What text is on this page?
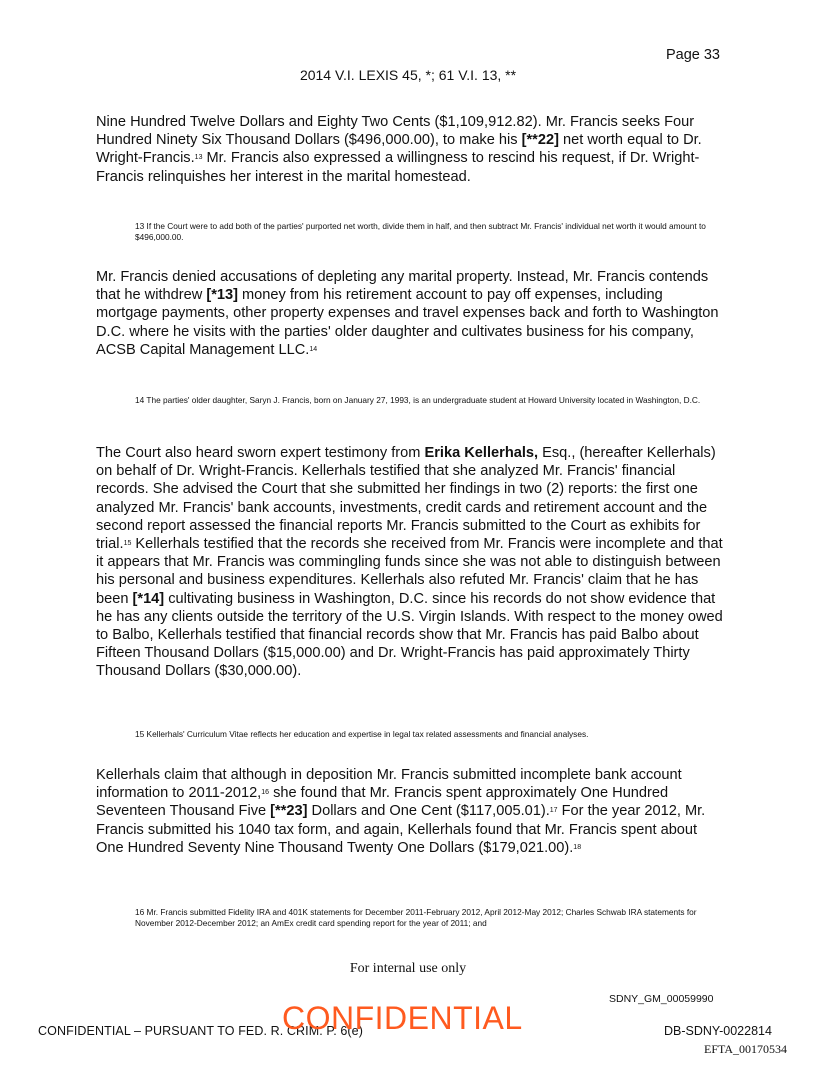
Page 33
2014 V.I. LEXIS 45, *; 61 V.I. 13, **

Nine Hundred Twelve Dollars and Eighty Two Cents ($1,109,912.82). Mr. Francis seeks Four Hundred Ninety Six Thousand Dollars ($496,000.00), to make his [**22] net worth equal to Dr. Wright-Francis.$^{13}$ Mr. Francis also expressed a willingness to rescind his request, if Dr. Wright-Francis relinquishes her interest in the marital homestead.

13 If the Court were to add both of the parties' purported net worth, divide them in half, and then subtract Mr. Francis' individual net worth it would amount to $496,000.00.

Mr. Francis denied accusations of depleting any marital property. Instead, Mr. Francis contends that he withdrew [*13] money from his retirement account to pay off expenses, including mortgage payments, other property expenses and travel expenses back and forth to Washington D.C. where he visits with the parties' older daughter and cultivates business for his company, ACSB Capital Management LLC.$^{14}$

14 The parties' older daughter, Saryn J. Francis, born on January 27, 1993, is an undergraduate student at Howard University located in Washington, D.C.

The Court also heard sworn expert testimony from Erika Kellerhals, Esq., (hereafter Kellerhals) on behalf of Dr. Wright-Francis. Kellerhals testified that she analyzed Mr. Francis' financial records. She advised the Court that she submitted her findings in two (2) reports: the first one analyzed Mr. Francis' bank accounts, investments, credit cards and retirement account and the second report assessed the financial reports Mr. Francis submitted to the Court as exhibits for trial.$^{15}$ Kellerhals testified that the records she received from Mr. Francis were incomplete and that it appears that Mr. Francis was commingling funds since she was not able to distinguish between his personal and business expenditures. Kellerhals also refuted Mr. Francis' claim that he has been [*14] cultivating business in Washington, D.C. since his records do not show evidence that he has any clients outside the territory of the U.S. Virgin Islands. With respect to the money owed to Balbo, Kellerhals testified that financial records show that Mr. Francis has paid Balbo about Fifteen Thousand Dollars ($15,000.00) and Dr. Wright-Francis has paid approximately Thirty Thousand Dollars ($30,000.00).

15 Kellerhals' Curriculum Vitae reflects her education and expertise in legal tax related assessments and financial analyses.

Kellerhals claim that although in deposition Mr. Francis submitted incomplete bank account information to 2011-2012,16 she found that Mr. Francis spent approximately One Hundred Seventeen Thousand Five [**23] Dollars and One Cent ($117,005.01).$^{17}$ For the year 2012, Mr. Francis submitted his 1040 tax form, and again, Kellerhals found that Mr. Francis spent about One Hundred Seventy Nine Thousand Twenty One Dollars ($179,021.00).$^{18}$

16 Mr. Francis submitted Fidelity IRA and 401K statements for December 2011-February 2012, April 2012-May 2012; Charles Schwab IRA statements for November 2012-December 2012; an AmEx credit card spending report for the year of 2011; and
For internal use only
SDNY_GM_00059990
CONFIDENTIAL – PURSUANT TO FED. R. CRIM. P. 6(e)
CONFIDENTIAL	DB-SDNY-0022814
EFTA_00170534
